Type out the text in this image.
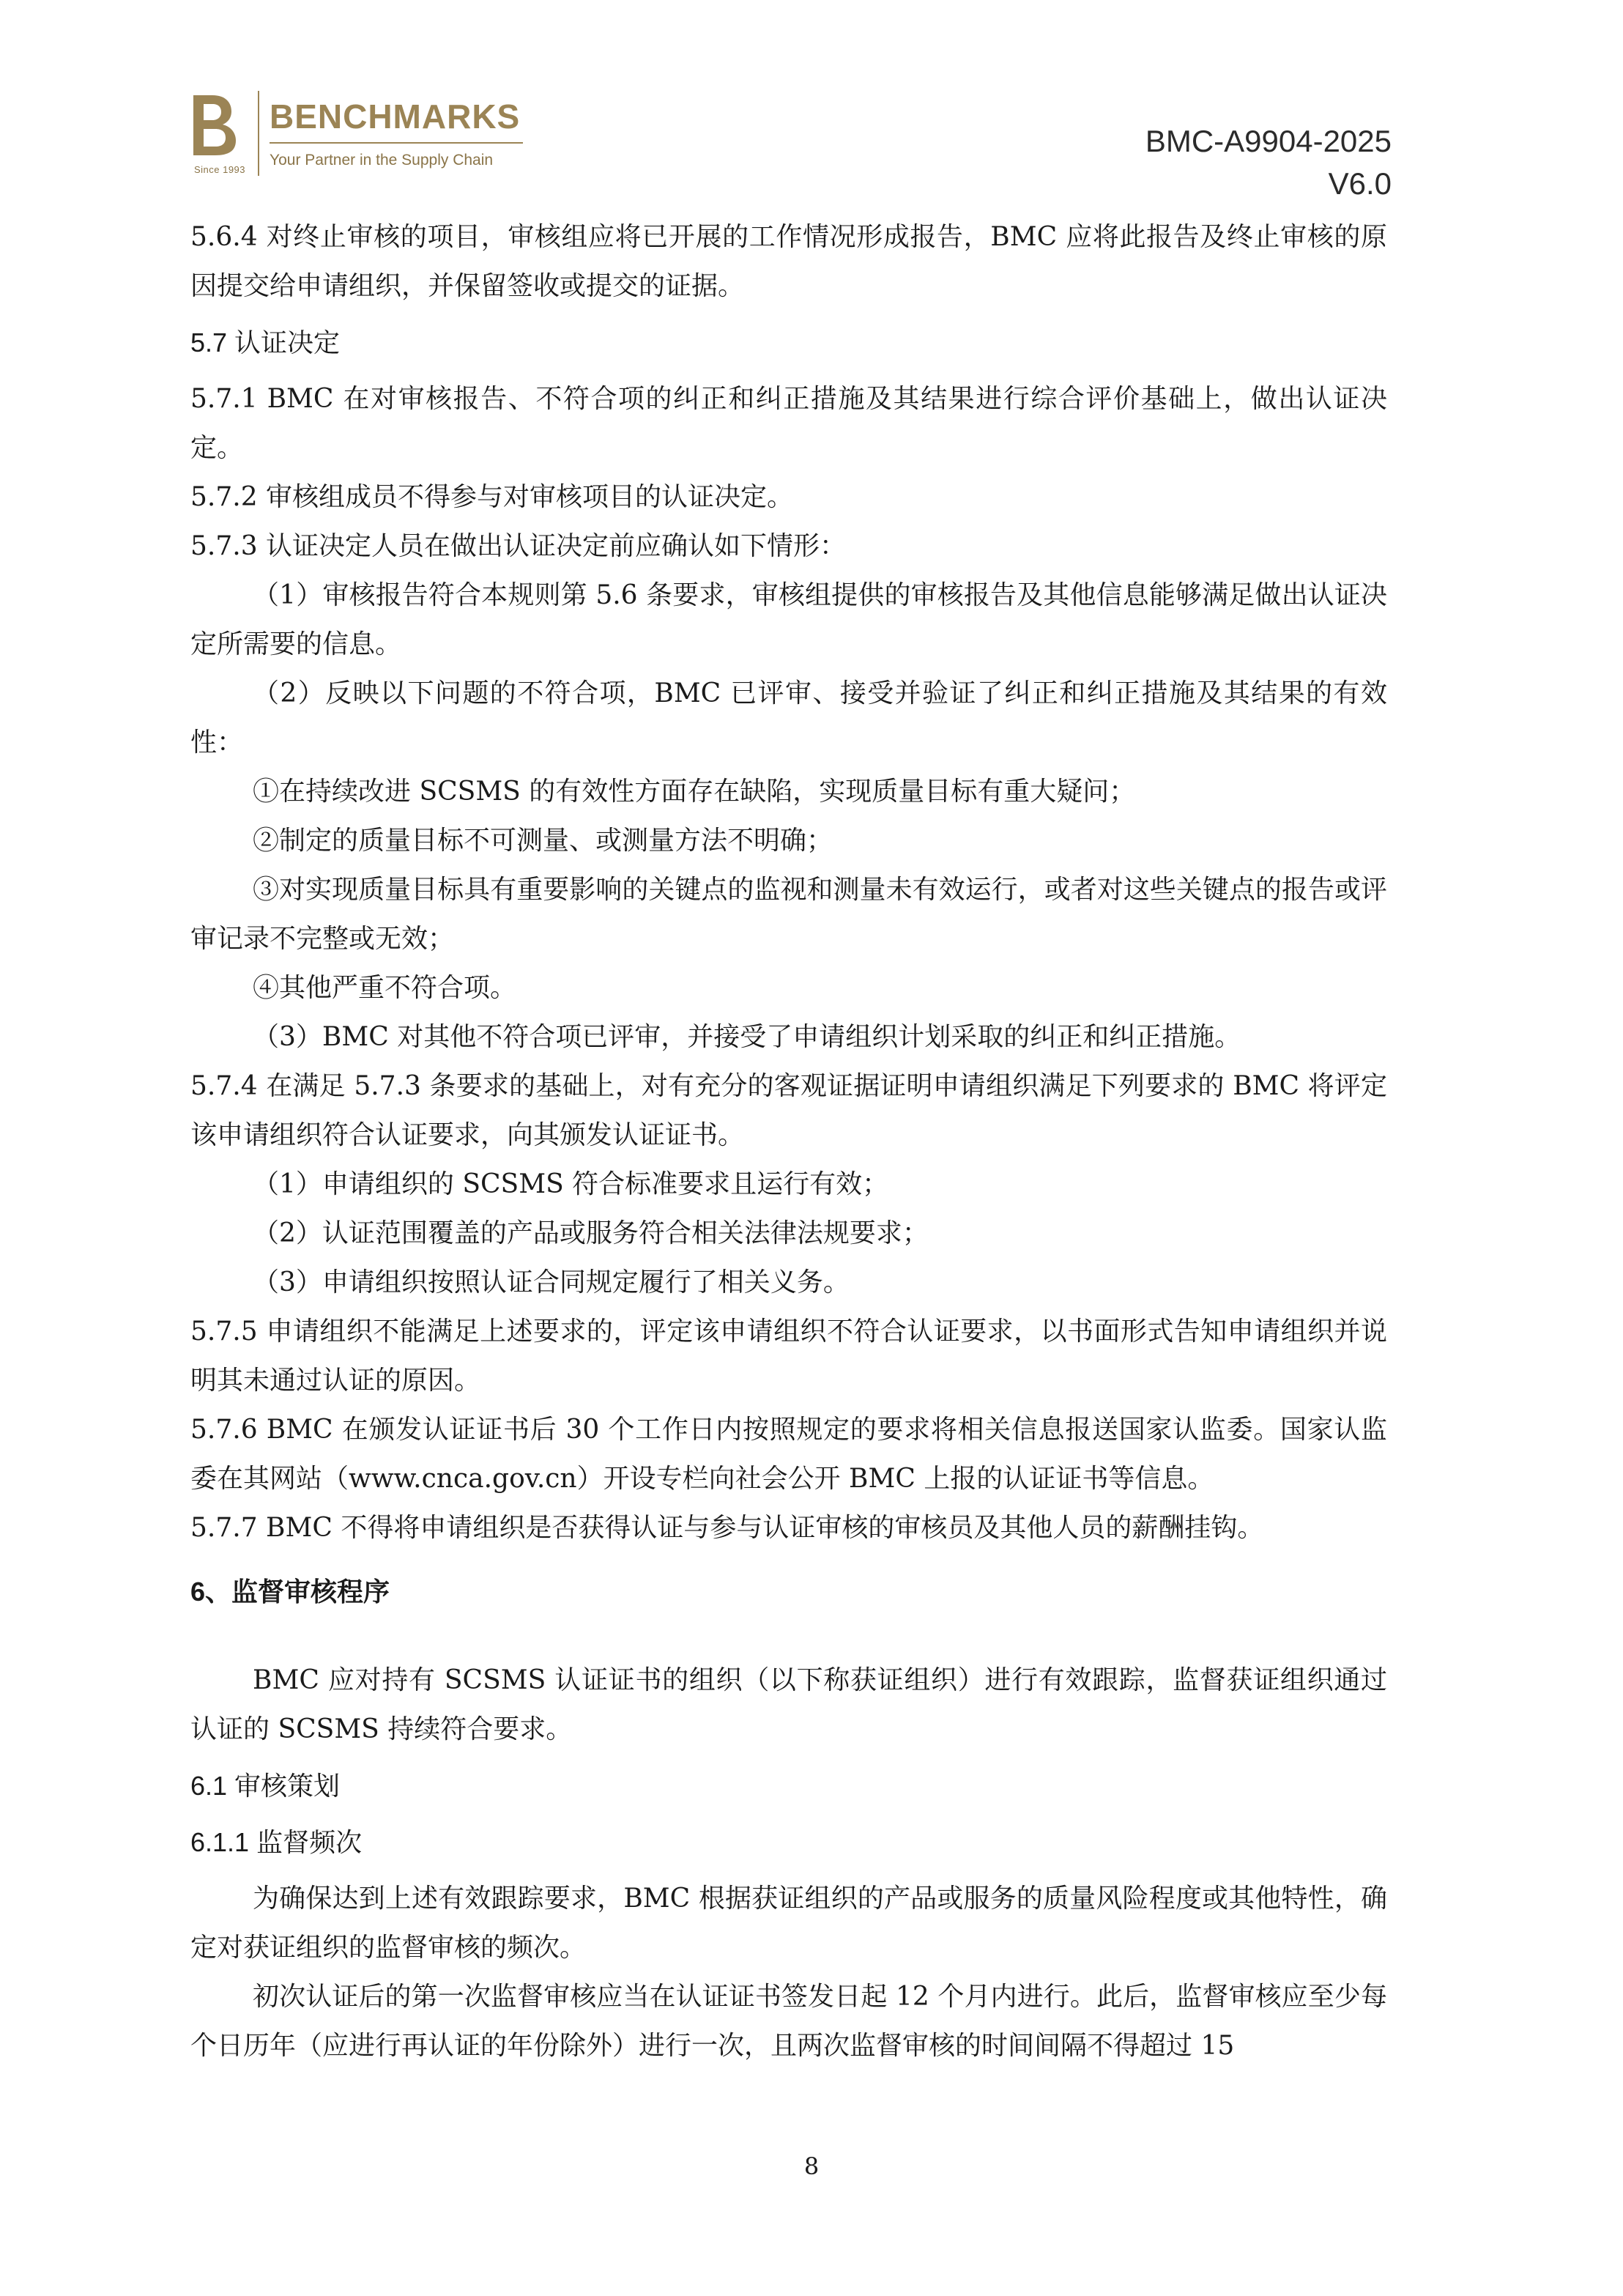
Since 1993
BENCHMARKS
Your Partner in the Supply Chain
BMC-A9904-2025
V6.0

5.6.4 对终止审核的项目，审核组应将已开展的工作情况形成报告，BMC 应将此报告及终止审核的原因提交给申请组织，并保留签收或提交的证据。

5.7 认证决定

5.7.1 BMC 在对审核报告、不符合项的纠正和纠正措施及其结果进行综合评价基础上，做出认证决定。

5.7.2 审核组成员不得参与对审核项目的认证决定。

5.7.3 认证决定人员在做出认证决定前应确认如下情形：

（1）审核报告符合本规则第 5.6 条要求，审核组提供的审核报告及其他信息能够满足做出认证决定所需要的信息。

（2）反映以下问题的不符合项，BMC 已评审、接受并验证了纠正和纠正措施及其结果的有效性：

①在持续改进 SCSMS 的有效性方面存在缺陷，实现质量目标有重大疑问；

②制定的质量目标不可测量、或测量方法不明确；

③对实现质量目标具有重要影响的关键点的监视和测量未有效运行，或者对这些关键点的报告或评审记录不完整或无效；

④其他严重不符合项。

（3）BMC 对其他不符合项已评审，并接受了申请组织计划采取的纠正和纠正措施。

5.7.4 在满足 5.7.3 条要求的基础上，对有充分的客观证据证明申请组织满足下列要求的 BMC 将评定该申请组织符合认证要求，向其颁发认证证书。

（1）申请组织的 SCSMS 符合标准要求且运行有效；

（2）认证范围覆盖的产品或服务符合相关法律法规要求；

（3）申请组织按照认证合同规定履行了相关义务。

5.7.5 申请组织不能满足上述要求的，评定该申请组织不符合认证要求，以书面形式告知申请组织并说明其未通过认证的原因。

5.7.6 BMC 在颁发认证证书后 30 个工作日内按照规定的要求将相关信息报送国家认监委。国家认监委在其网站（www.cnca.gov.cn）开设专栏向社会公开 BMC 上报的认证证书等信息。

5.7.7 BMC 不得将申请组织是否获得认证与参与认证审核的审核员及其他人员的薪酬挂钩。

6、监督审核程序

BMC 应对持有 SCSMS 认证证书的组织（以下称获证组织）进行有效跟踪，监督获证组织通过认证的 SCSMS 持续符合要求。

6.1 审核策划

6.1.1 监督频次

为确保达到上述有效跟踪要求，BMC 根据获证组织的产品或服务的质量风险程度或其他特性，确定对获证组织的监督审核的频次。

初次认证后的第一次监督审核应当在认证证书签发日起 12 个月内进行。此后，监督审核应至少每个日历年（应进行再认证的年份除外）进行一次，且两次监督审核的时间间隔不得超过 15

8
